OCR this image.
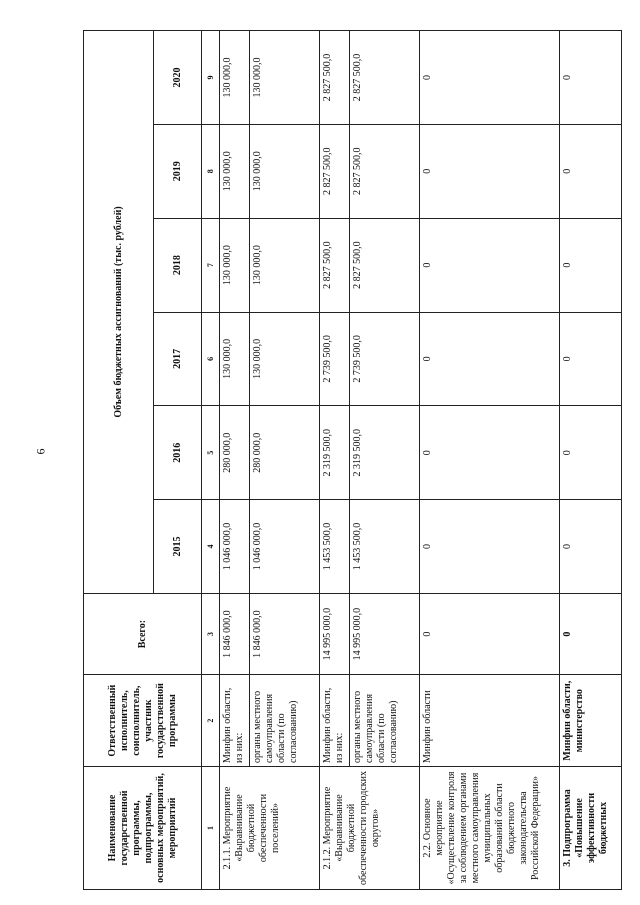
6
Наименование государственной программы, подпрограммы, основных мероприятий, мероприятий	Ответственный исполнитель, соисполнитель, участник государственной программы	Всего:	Объем бюджетных ассигнований (тыс. рублей)					
			2015	2016	2017	2018	2019	2020
1	2	3	4	5	6	7	8	9
2.1.1. Мероприятие «Выравнивание бюджетной обеспеченности поселений»	Минфин области, из них:	1 846 000,0	1 046 000,0	280 000,0	130 000,0	130 000,0	130 000,0	130 000,0
	органы местного самоуправления области (по согласованию)	1 846 000,0	1 046 000,0	280 000,0	130 000,0	130 000,0	130 000,0	130 000,0
2.1.2. Мероприятие «Выравнивание бюджетной обеспеченности городских округов»	Минфин области, из них:	14 995 000,0	1 453 500,0	2 319 500,0	2 739 500,0	2 827 500,0	2 827 500,0	2 827 500,0
	органы местного самоуправления области (по согласованию)	14 995 000,0	1 453 500,0	2 319 500,0	2 739 500,0	2 827 500,0	2 827 500,0	2 827 500,0
2.2. Основное мероприятие «Осуществление контроля за соблюдением органами местного самоуправления муниципальных образований области бюджетного законодательства Российской Федерации»	Минфин области	0	0	0	0	0	0	0
3. Подпрограмма «Повышение эффективности бюджетных	Минфин области, министерство	0	0	0	0	0	0	0
